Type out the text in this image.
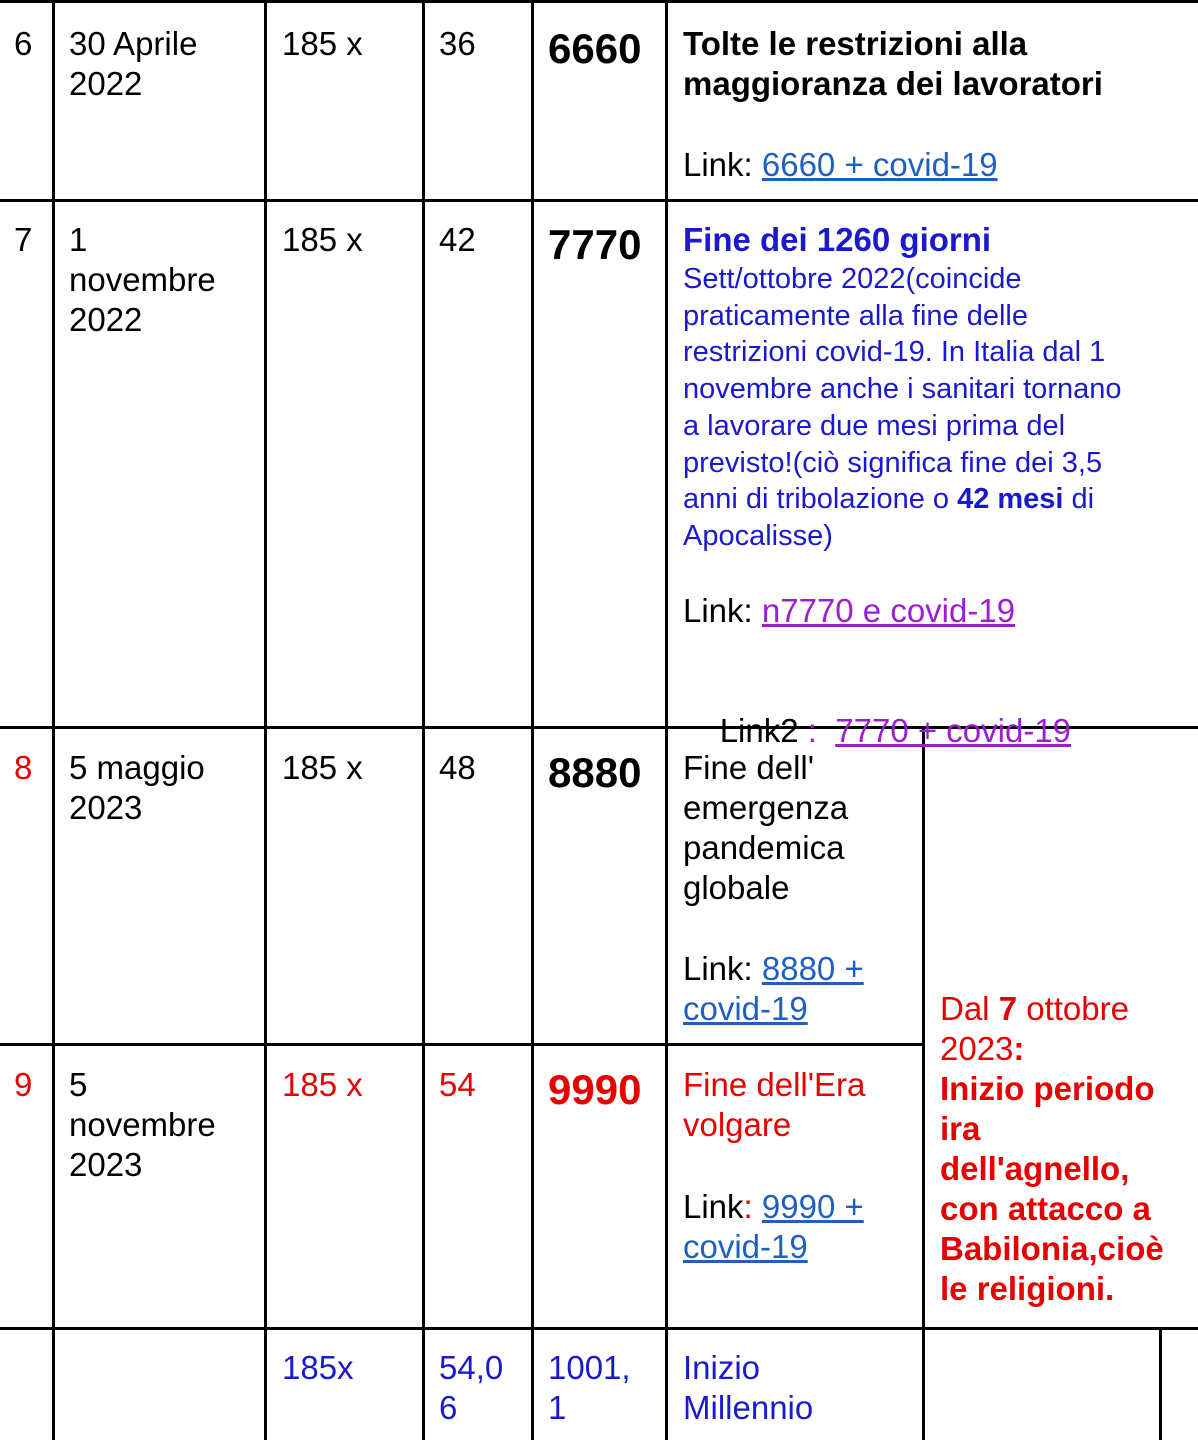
6 30 Aprile
2022
185 x 36 6660 Tolte le restrizioni alla
maggioranza dei lavoratori
Link: 6660 + covid-19
7 1
novembre
2022
185 x 42 7770 Fine dei 1260 giorni
Sett/ottobre 2022(coincide
praticamente alla fine delle
restrizioni covid-19. In Italia dal 1
novembre anche i sanitari tornano
a lavorare due mesi prima del
previsto!(ciò significa fine dei 3,5
anni di tribolazione o 42 mesi di
Apocalisse)
Link: n7770 e covid-19

Link2 :  7770 + covid-19

8 5 maggio
2023
185 x 48 8880 Fine dell'
emergenza
pandemica
globale
Link: 8880 +
covid-19
9 5
novembre
2023
185 x 54 9990 Fine dell'Era
volgare
Link: 9990 +
covid-19
Dal 7 ottobre
2023:
Inizio periodo
ira
dell'agnello,
con attacco a
Babilonia,cioè
le religioni.
185x	54,0
6
1001,
1
Inizio
Millennio
